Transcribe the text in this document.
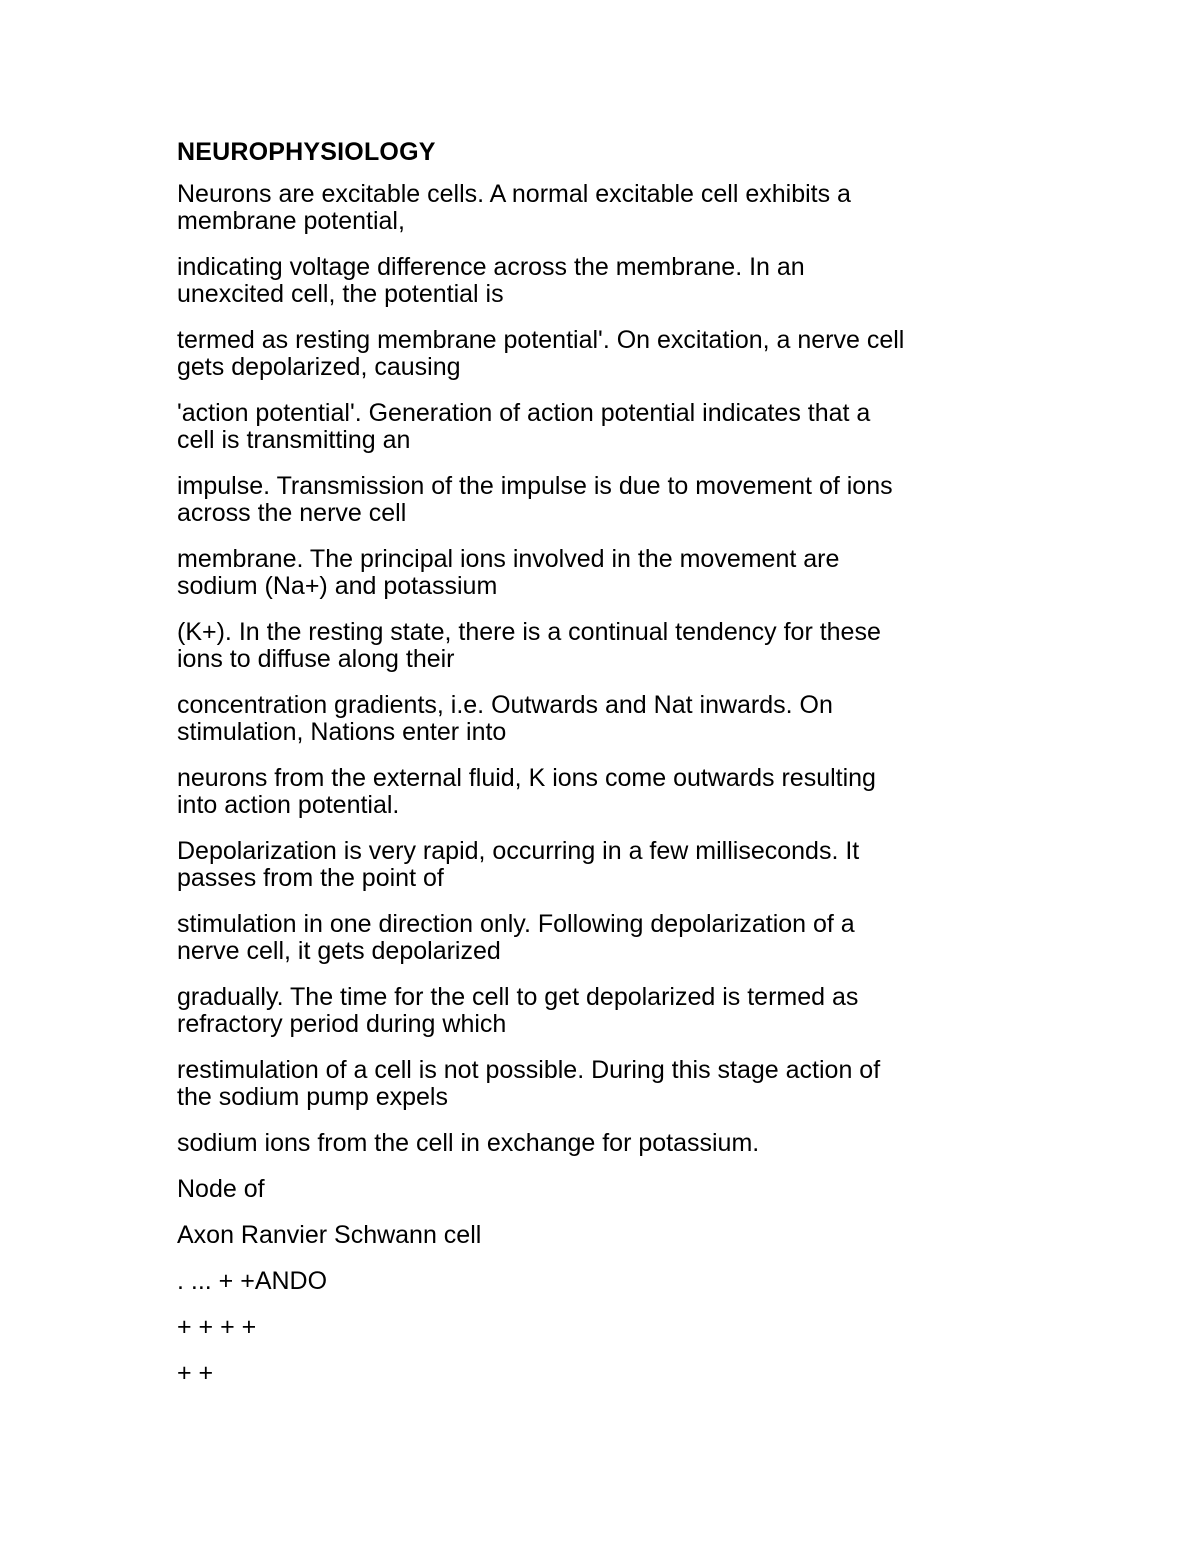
NEUROPHYSIOLOGY
Neurons are excitable cells. A normal excitable cell exhibits a
membrane potential,
indicating voltage difference across the membrane. In an
unexcited cell, the potential is
termed as resting membrane potential'. On excitation, a nerve cell
gets depolarized, causing
'action potential'. Generation of action potential indicates that a
cell is transmitting an
impulse. Transmission of the impulse is due to movement of ions
across the nerve cell
membrane. The principal ions involved in the movement are
sodium (Na+) and potassium
(K+). In the resting state, there is a continual tendency for these
ions to diffuse along their
concentration gradients, i.e. Outwards and Nat inwards. On
stimulation, Nations enter into
neurons from the external fluid, K ions come outwards resulting
into action potential.
Depolarization is very rapid, occurring in a few milliseconds. It
passes from the point of
stimulation in one direction only. Following depolarization of a
nerve cell, it gets depolarized
gradually. The time for the cell to get depolarized is termed as
refractory period during which
restimulation of a cell is not possible. During this stage action of
the sodium pump expels
sodium ions from the cell in exchange for potassium.
Node of
Axon Ranvier Schwann cell
. ... + +ANDO
+ + + +
+ +
